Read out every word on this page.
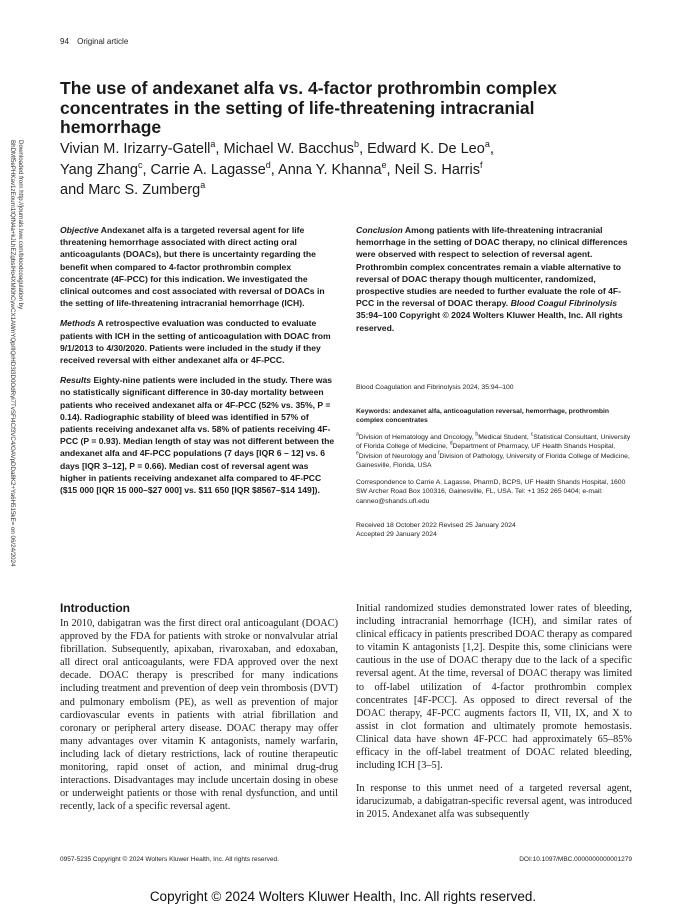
94 Original article
Downloaded from http://journals.lww.com/bloodcoagulation by BhDMf5ePHKav1zEoum1tQfN4a+kJLhEZgbsIHo4XMi0hCywCX1AWnYQp/IlQrHD3i3D0OdRyi7TvSFl4Cf3VC4/OAVpDDa8K2+Ya6H515kE= on 06/24/2024
The use of andexanet alfa vs. 4-factor prothrombin complex concentrates in the setting of life-threatening intracranial hemorrhage
Vivian M. Irizarry-Gatell$^a$, Michael W. Bacchus$^b$, Edward K. De Leo$^a$,
Yang Zhang$^c$, Carrie A. Lagasse$^d$, Anna Y. Khanna$^e$, Neil S. Harris$^f$
and Marc S. Zumberg$^a$

Objective Andexanet alfa is a targeted reversal agent for life threatening hemorrhage associated with direct acting oral anticoagulants (DOACs), but there is uncertainty regarding the benefit when compared to 4-factor prothrombin complex concentrate (4F-PCC) for this indication. We investigated the clinical outcomes and cost associated with reversal of DOACs in the setting of life-threatening intracranial hemorrhage (ICH).

Methods A retrospective evaluation was conducted to evaluate patients with ICH in the setting of anticoagulation with DOAC from 9/1/2013 to 4/30/2020. Patients were included in the study if they received reversal with either andexanet alfa or 4F-PCC.

Results Eighty-nine patients were included in the study. There was no statistically significant difference in 30-day mortality between patients who received andexanet alfa or 4F-PCC (52% vs. 35%, P = 0.14). Radiographic stability of bleed was identified in 57% of patients receiving andexanet alfa vs. 58% of patients receiving 4F-PCC (P = 0.93). Median length of stay was not different between the andexanet alfa and 4F-PCC populations (7 days [IQR 6 – 12] vs. 6 days [IQR 3–12], P = 0.66). Median cost of reversal agent was higher in patients receiving andexanet alfa compared to 4F-PCC ($15 000 [IQR 15 000–$27 000] vs. $11 650 [IQR $8567–$14 149]).

Conclusion Among patients with life-threatening intracranial hemorrhage in the setting of DOAC therapy, no clinical differences were observed with respect to selection of reversal agent. Prothrombin complex concentrates remain a viable alternative to reversal of DOAC therapy though multicenter, randomized, prospective studies are needed to further evaluate the role of 4F-PCC in the reversal of DOAC therapy. Blood Coagul Fibrinolysis 35:94–100 Copyright © 2024 Wolters Kluwer Health, Inc. All rights reserved.

Blood Coagulation and Fibrinolysis 2024, 35:94–100
Keywords: andexanet alfa, anticoagulation reversal, hemorrhage, prothrombin complex concentrates
$^a$Division of Hematology and Oncology, $^b$Medical Student, $^c$Statistical Consultant, University of Florida College of Medicine, $^d$Department of Pharmacy, UF Health Shands Hospital, $^e$Division of Neurology and $^f$Division of Pathology, University of Florida College of Medicine, Gainesville, Florida, USA
Correspondence to Carrie A. Lagasse, PharmD, BCPS, UF Health Shands Hospital, 1600 SW Archer Road Box 100316, Gainesville, FL, USA. Tel: +1 352 265 0404; e-mail: canneo@shands.ufl.edu
Received 18 October 2022 Revised 25 January 2024
Accepted 29 January 2024
Introduction

In 2010, dabigatran was the first direct oral anticoagulant (DOAC) approved by the FDA for patients with stroke or nonvalvular atrial fibrillation. Subsequently, apixaban, rivaroxaban, and edoxaban, all direct oral anticoagulants, were FDA approved over the next decade. DOAC therapy is prescribed for many indications including treatment and prevention of deep vein thrombosis (DVT) and pulmonary embolism (PE), as well as prevention of major cardiovascular events in patients with atrial fibrillation and coronary or peripheral artery disease. DOAC therapy may offer many advantages over vitamin K antagonists, namely warfarin, including lack of dietary restrictions, lack of routine therapeutic monitoring, rapid onset of action, and minimal drug-drug interactions. Disadvantages may include uncertain dosing in obese or underweight patients or those with renal dysfunction, and until recently, lack of a specific reversal agent.

Initial randomized studies demonstrated lower rates of bleeding, including intracranial hemorrhage (ICH), and similar rates of clinical efficacy in patients prescribed DOAC therapy as compared to vitamin K antagonists [1,2]. Despite this, some clinicians were cautious in the use of DOAC therapy due to the lack of a specific reversal agent. At the time, reversal of DOAC therapy was limited to off-label utilization of 4-factor prothrombin complex concentrates [4F-PCC]. As opposed to direct reversal of the DOAC therapy, 4F-PCC augments factors II, VII, IX, and X to assist in clot formation and ultimately promote hemostasis. Clinical data have shown 4F-PCC had approximately 65–85% efficacy in the off-label treatment of DOAC related bleeding, including ICH [3–5].

In response to this unmet need of a targeted reversal agent, idarucizumab, a dabigatran-specific reversal agent, was introduced in 2015. Andexanet alfa was subsequently

0957-5235 Copyright © 2024 Wolters Kluwer Health, Inc. All rights reserved.	DOI:10.1097/MBC.0000000000001279
Copyright © 2024 Wolters Kluwer Health, Inc. All rights reserved.
